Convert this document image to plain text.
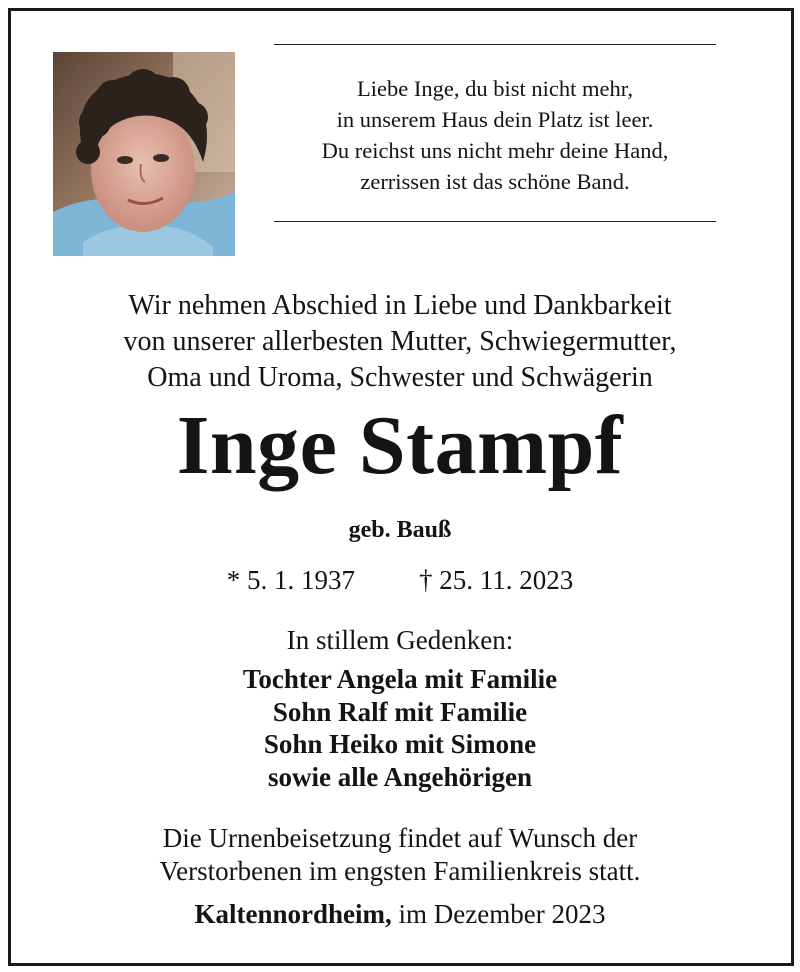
Liebe Inge, du bist nicht mehr,
in unserem Haus dein Platz ist leer.
Du reichst uns nicht mehr deine Hand,
zerrissen ist das schöne Band.
Wir nehmen Abschied in Liebe und Dankbarkeit
von unserer allerbesten Mutter, Schwiegermutter,
Oma und Uroma, Schwester und Schwägerin
Inge Stampf
geb. Bauß
* 5. 1. 1937 † 25. 11. 2023
In stillem Gedenken:
Tochter Angela mit Familie
Sohn Ralf mit Familie
Sohn Heiko mit Simone
sowie alle Angehörigen
Die Urnenbeisetzung findet auf Wunsch der
Verstorbenen im engsten Familienkreis statt.
Kaltennordheim, im Dezember 2023
